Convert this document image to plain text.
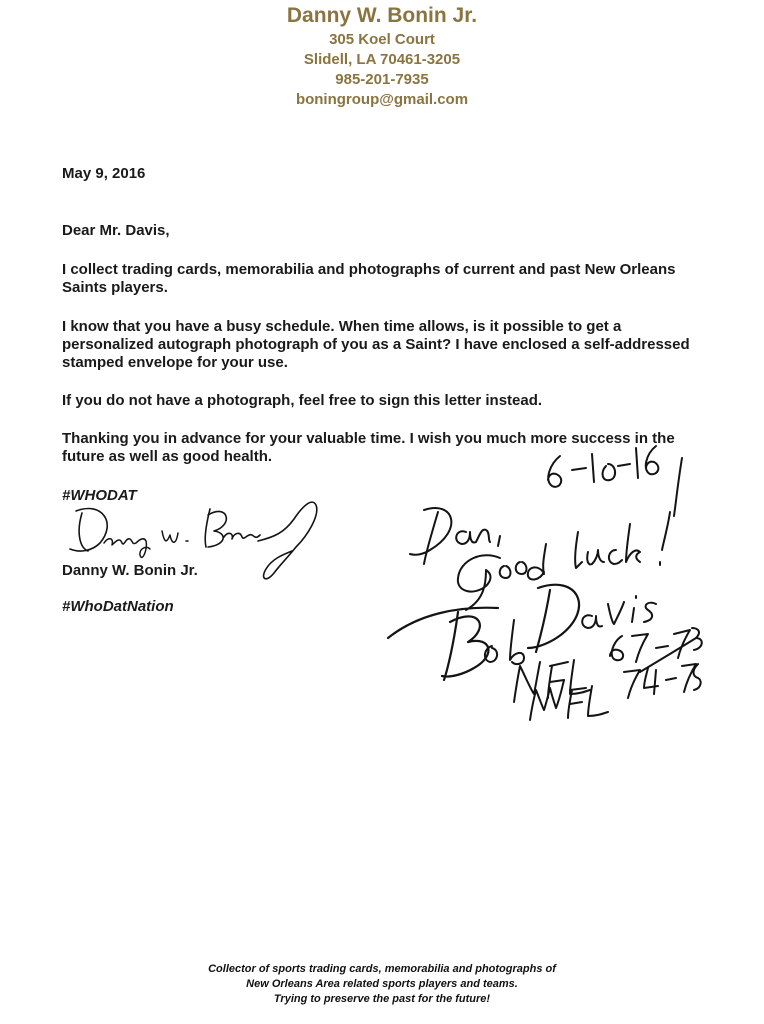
Danny W. Bonin Jr.
305 Koel Court
Slidell, LA 70461-3205
985-201-7935
boningroup@gmail.com

May 9, 2016

Dear Mr. Davis,

I collect trading cards, memorabilia and photographs of current and past New Orleans Saints players.

I know that you have a busy schedule. When time allows, is it possible to get a personalized autograph photograph of you as a Saint? I have enclosed a self-addressed stamped envelope for your use.

If you do not have a photograph, feel free to sign this letter instead.

Thanking you in advance for your valuable time. I wish you much more success in the future as well as good health.

#WHODAT

Danny W. Bonin Jr.

#WhoDatNation

Collector of sports trading cards, memorabilia and photographs of
New Orleans Area related sports players and teams.
Trying to preserve the past for the future!
